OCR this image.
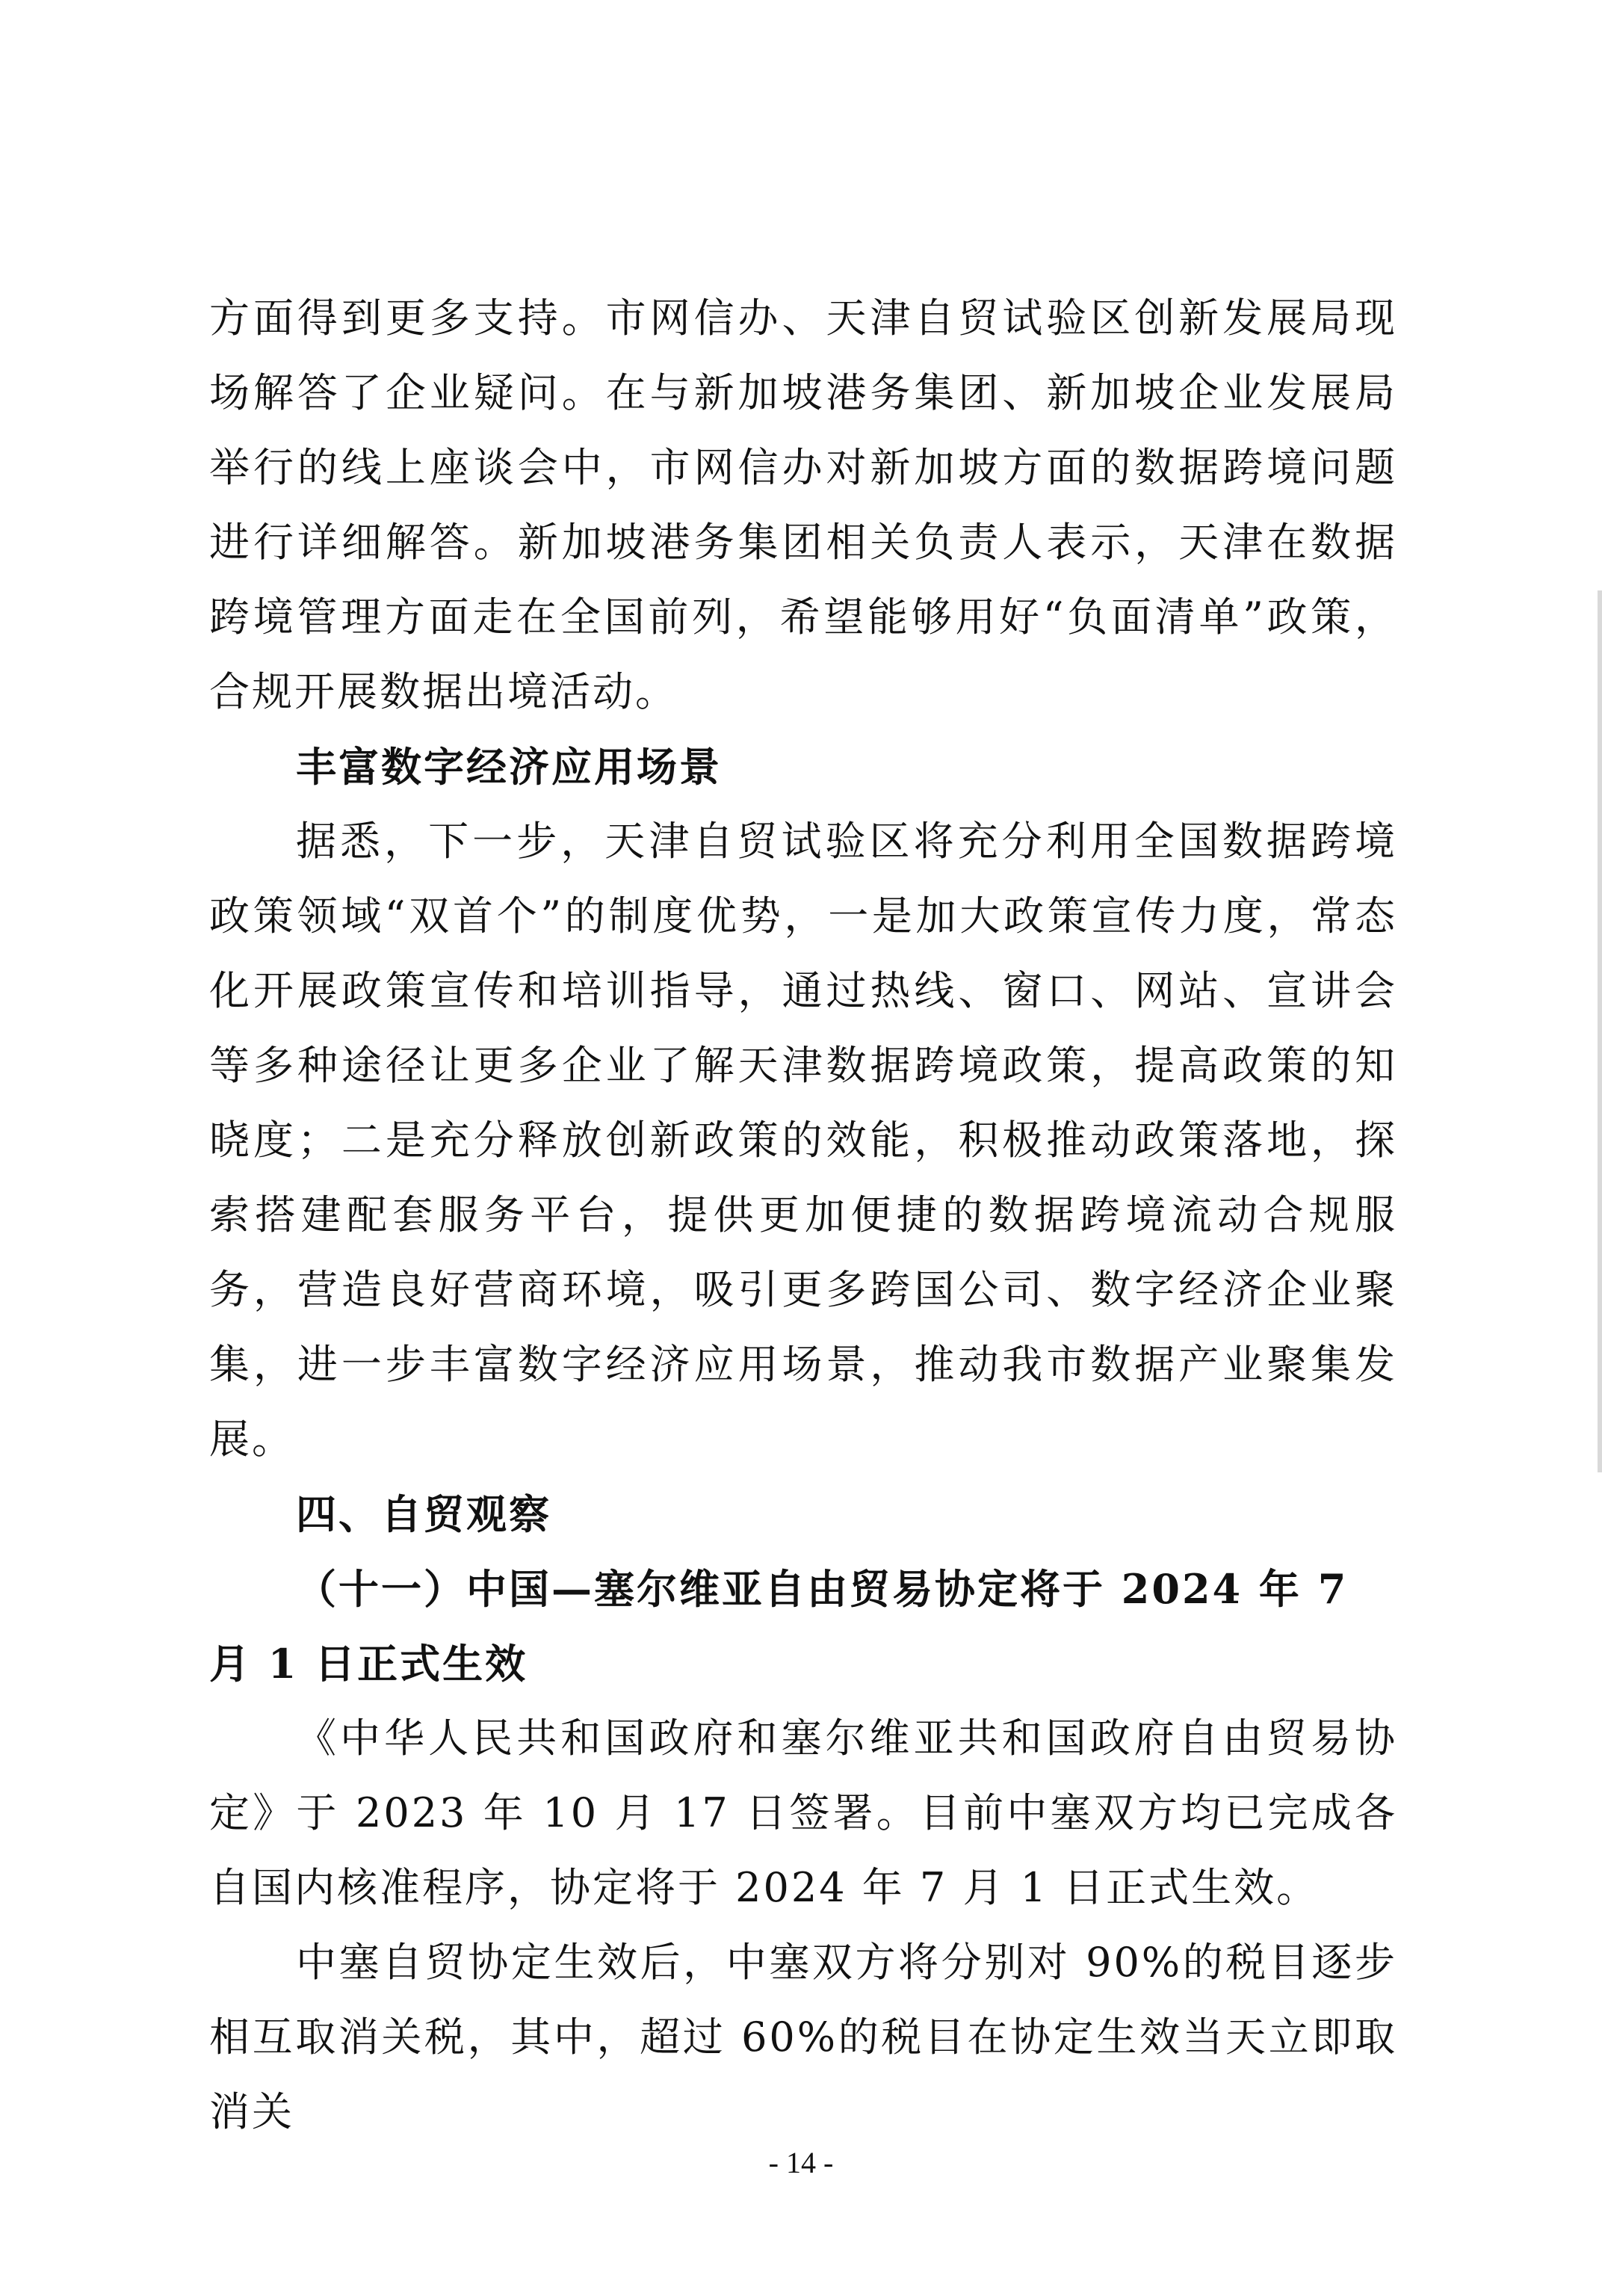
方面得到更多支持。市网信办、天津自贸试验区创新发展局现场解答了企业疑问。在与新加坡港务集团、新加坡企业发展局举行的线上座谈会中，市网信办对新加坡方面的数据跨境问题进行详细解答。新加坡港务集团相关负责人表示，天津在数据跨境管理方面走在全国前列，希望能够用好“负面清单”政策，合规开展数据出境活动。

丰富数字经济应用场景

据悉，下一步，天津自贸试验区将充分利用全国数据跨境政策领域“双首个”的制度优势，一是加大政策宣传力度，常态化开展政策宣传和培训指导，通过热线、窗口、网站、宣讲会等多种途径让更多企业了解天津数据跨境政策，提高政策的知晓度；二是充分释放创新政策的效能，积极推动政策落地，探索搭建配套服务平台，提供更加便捷的数据跨境流动合规服务，营造良好营商环境，吸引更多跨国公司、数字经济企业聚集，进一步丰富数字经济应用场景，推动我市数据产业聚集发展。

四、自贸观察

（十一）中国—塞尔维亚自由贸易协定将于 2024 年 7 月 1 日正式生效

《中华人民共和国政府和塞尔维亚共和国政府自由贸易协定》于 2023 年 10 月 17 日签署。目前中塞双方均已完成各自国内核准程序，协定将于 2024 年 7 月 1 日正式生效。

中塞自贸协定生效后，中塞双方将分别对 90%的税目逐步相互取消关税，其中，超过 60%的税目在协定生效当天立即取消关

- 14 -
